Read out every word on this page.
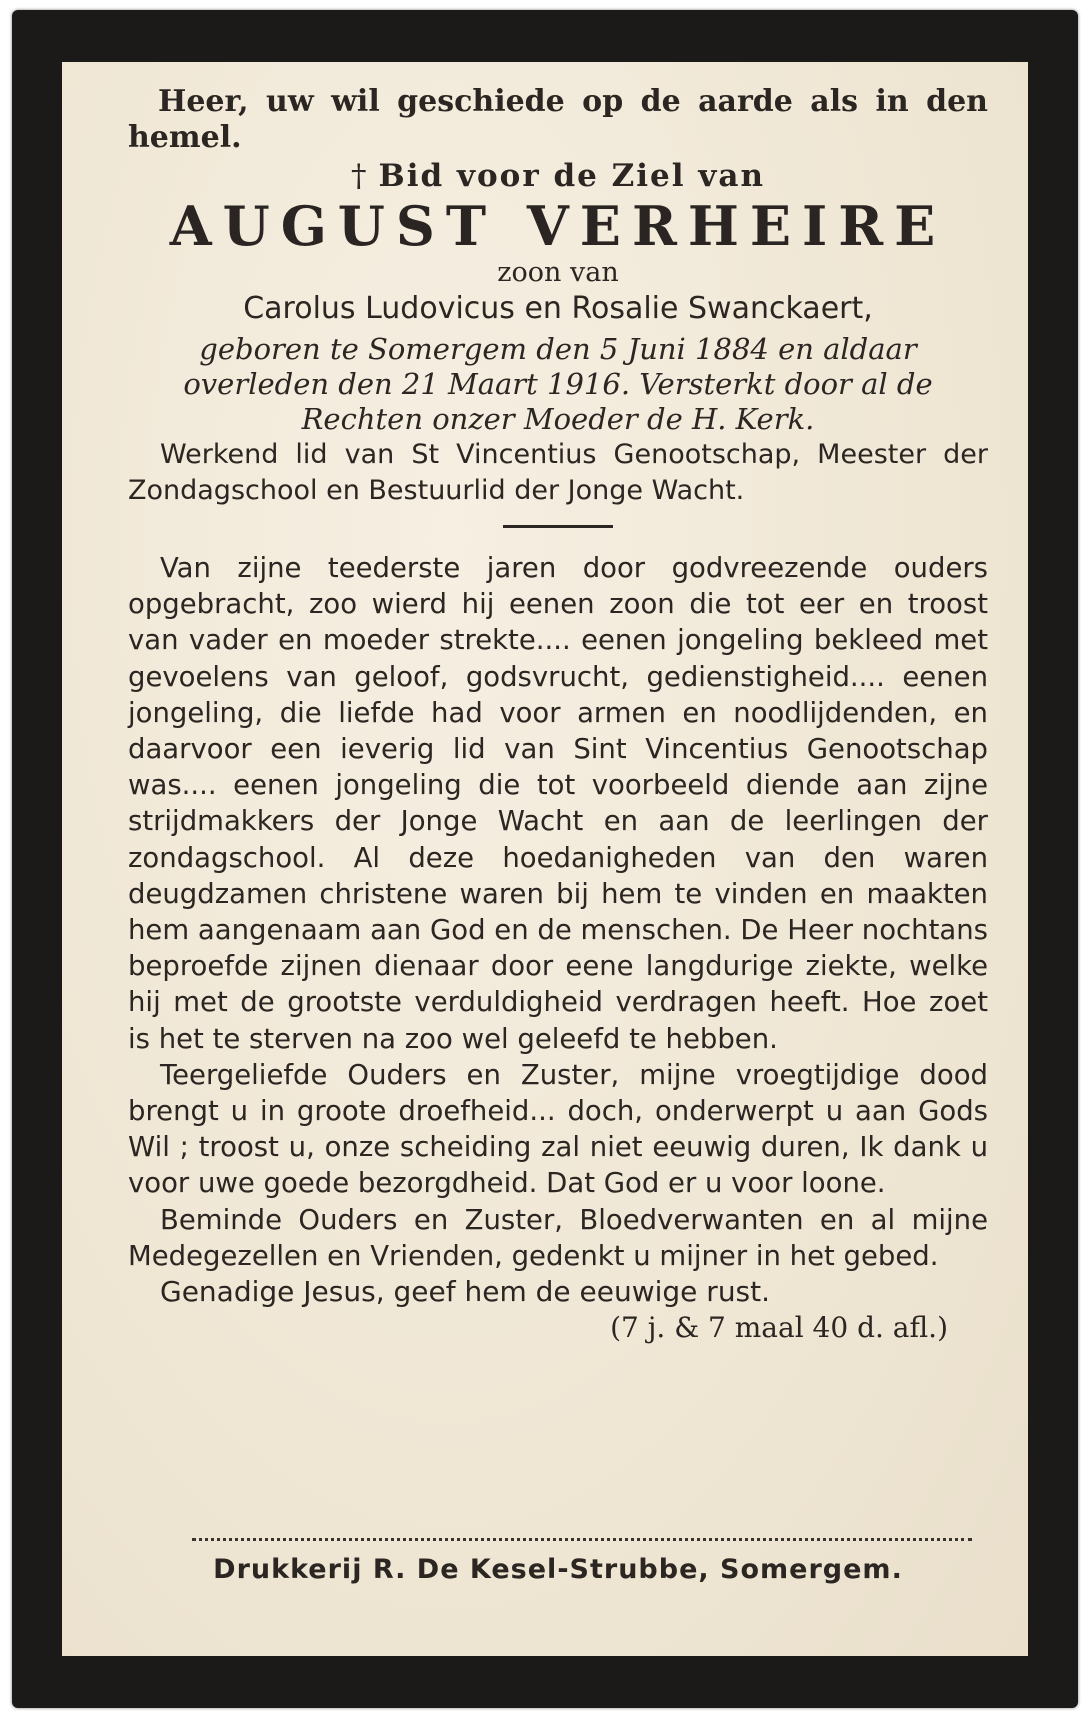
Heer, uw wil geschiede op de aarde als in den hemel.

† Bid voor de Ziel van

AUGUST VERHEIRE

zoon van

Carolus Ludovicus en Rosalie Swanckaert,

geboren te Somergem den 5 Juni 1884 en aldaar overleden den 21 Maart 1916. Versterkt door al de Rechten onzer Moeder de H. Kerk.

Werkend lid van St Vincentius Genootschap, Meester der Zondagschool en Bestuurlid der Jonge Wacht.

Van zijne teederste jaren door godvreezende ouders opgebracht, zoo wierd hij eenen zoon die tot eer en troost van vader en moeder strekte.... eenen jongeling bekleed met gevoelens van geloof, godsvrucht, gedienstigheid.... eenen jongeling, die liefde had voor armen en noodlijdenden, en daarvoor een ieverig lid van Sint Vincentius Genootschap was.... eenen jongeling die tot voorbeeld diende aan zijne strijdmakkers der Jonge Wacht en aan de leerlingen der zondagschool. Al deze hoedanigheden van den waren deugdzamen christene waren bij hem te vinden en maakten hem aangenaam aan God en de menschen. De Heer nochtans beproefde zijnen dienaar door eene langdurige ziekte, welke hij met de grootste verduldigheid verdragen heeft. Hoe zoet is het te sterven na zoo wel geleefd te hebben.

Teergeliefde Ouders en Zuster, mijne vroegtijdige dood brengt u in groote droefheid... doch, onderwerpt u aan Gods Wil ; troost u, onze scheiding zal niet eeuwig duren, Ik dank u voor uwe goede bezorgdheid. Dat God er u voor loone.

Beminde Ouders en Zuster, Bloedverwanten en al mijne Medegezellen en Vrienden, gedenkt u mijner in het gebed.

Genadige Jesus, geef hem de eeuwige rust.

(7 j. & 7 maal 40 d. afl.)

Drukkerij R. De Kesel-Strubbe, Somergem.
